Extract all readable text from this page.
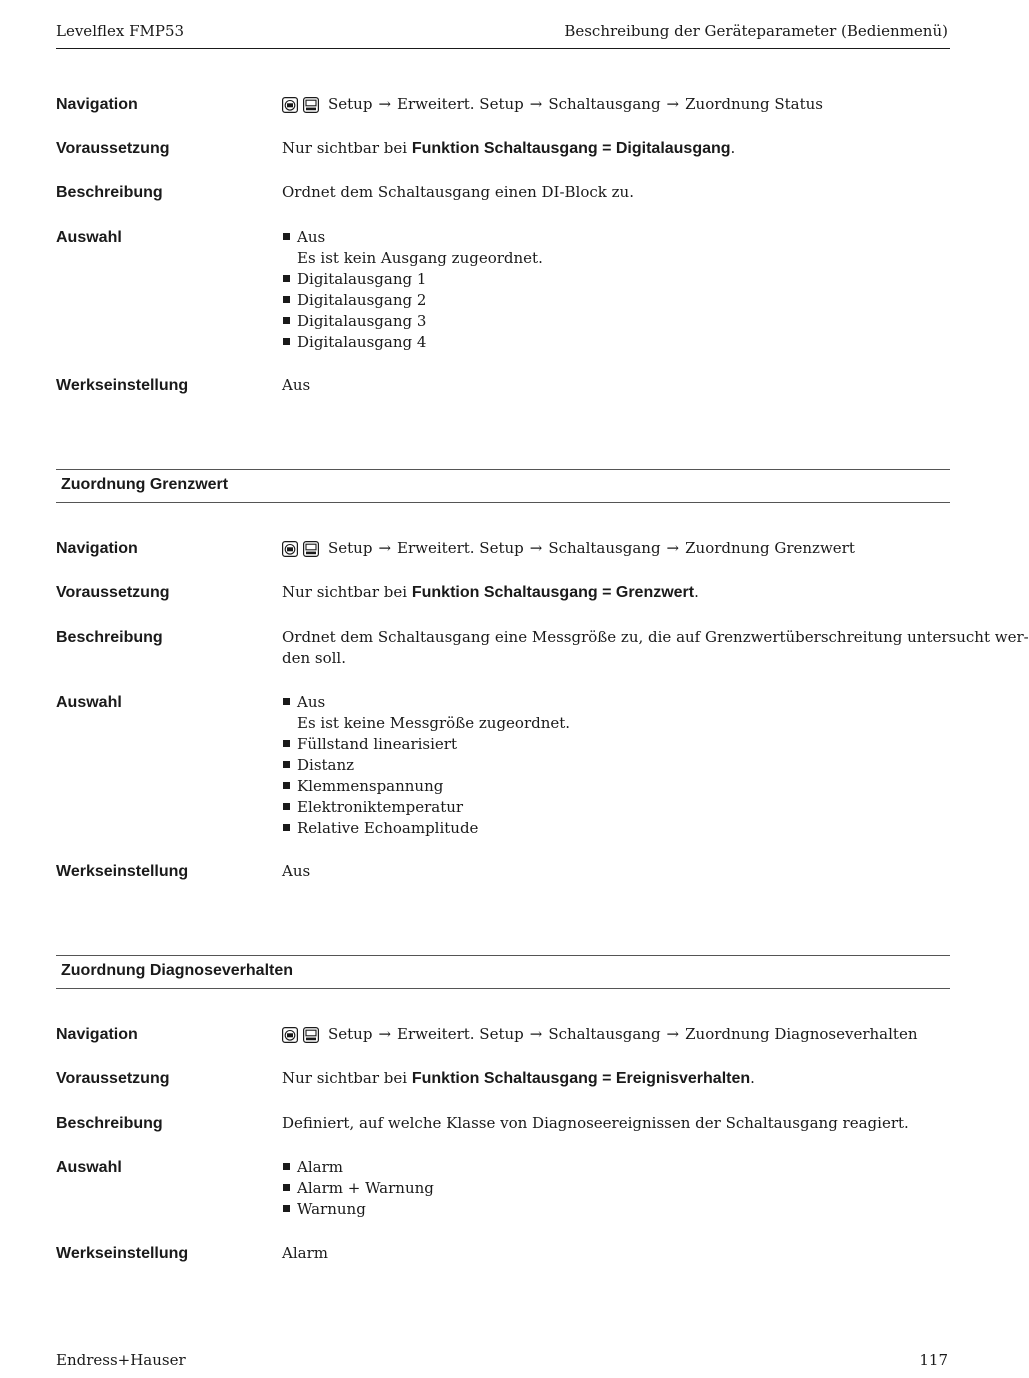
Levelflex FMP53	Beschreibung der Geräteparameter (Bedienmenü)
Navigation	Setup → Erweitert. Setup → Schaltausgang → Zuordnung Status
Voraussetzung	Nur sichtbar bei Funktion Schaltausgang = Digitalausgang.
Beschreibung	Ordnet dem Schaltausgang einen DI-Block zu.
Auswahl	Aus
Es ist kein Ausgang zugeordnet.
Digitalausgang 1
Digitalausgang 2
Digitalausgang 3
Digitalausgang 4
Werkseinstellung	Aus
Zuordnung Grenzwert
Navigation	Setup → Erweitert. Setup → Schaltausgang → Zuordnung Grenzwert
Voraussetzung	Nur sichtbar bei Funktion Schaltausgang = Grenzwert.
Beschreibung	Ordnet dem Schaltausgang eine Messgröße zu, die auf Grenzwertüberschreitung untersucht wer-
den soll.
Auswahl	Aus
Es ist keine Messgröße zugeordnet.
Füllstand linearisiert
Distanz
Klemmenspannung
Elektroniktemperatur
Relative Echoamplitude
Werkseinstellung	Aus
Zuordnung Diagnoseverhalten
Navigation	Setup → Erweitert. Setup → Schaltausgang → Zuordnung Diagnoseverhalten
Voraussetzung	Nur sichtbar bei Funktion Schaltausgang = Ereignisverhalten.
Beschreibung	Definiert, auf welche Klasse von Diagnoseereignissen der Schaltausgang reagiert.
Auswahl	Alarm
Alarm + Warnung
Warnung
Werkseinstellung	Alarm
Endress+Hauser	117
